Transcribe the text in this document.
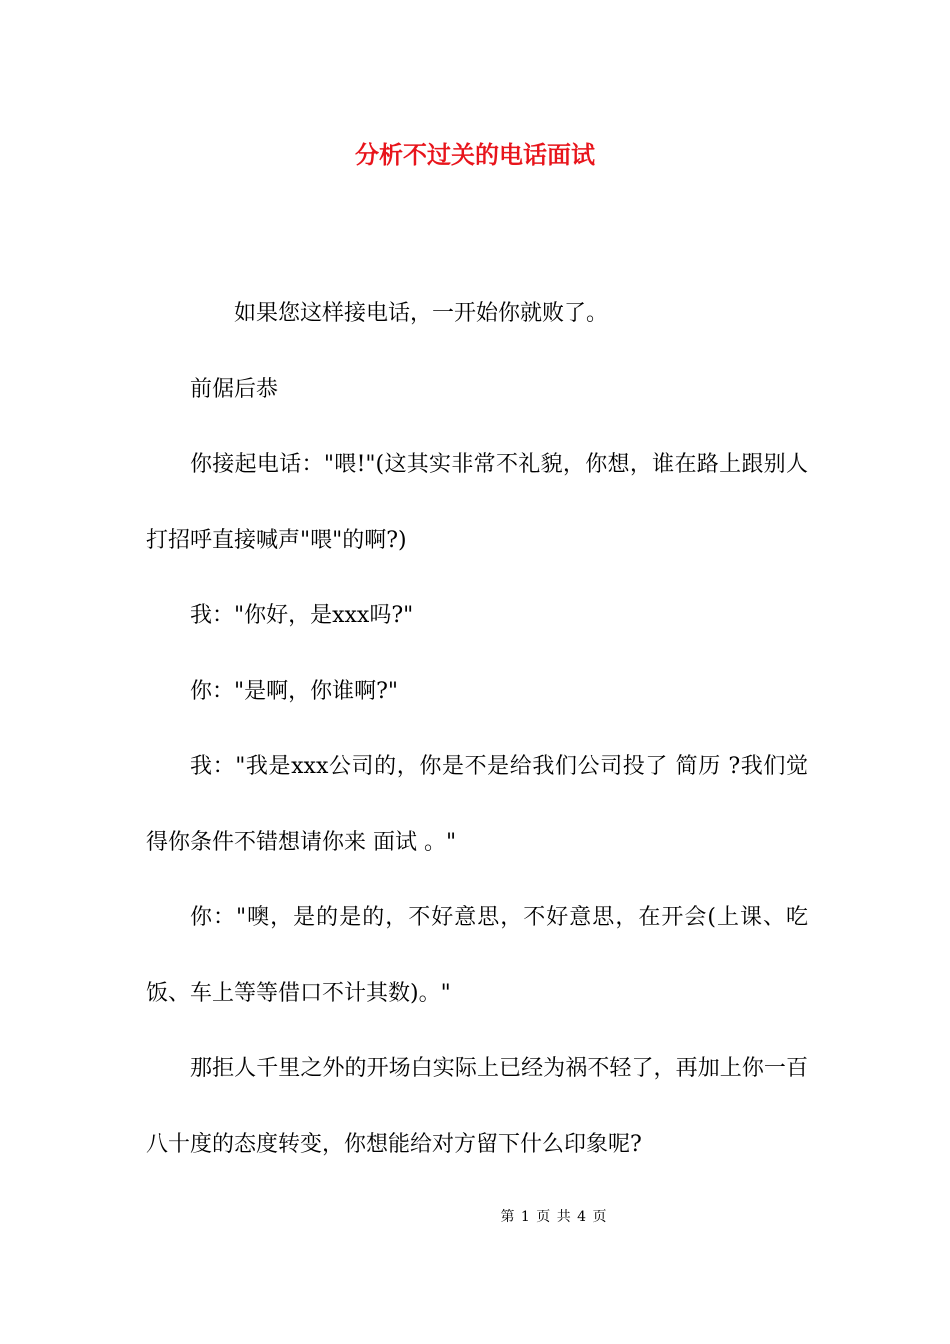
分析不过关的电话面试

如果您这样接电话，一开始你就败了。

前倨后恭

你接起电话："喂!"(这其实非常不礼貌，你想，谁在路上跟别人打招呼直接喊声"喂"的啊?)

我："你好，是xxx吗?"

你："是啊，你谁啊?"

我："我是xxx公司的，你是不是给我们公司投了 简历 ?我们觉得你条件不错想请你来 面试 。"

你："噢，是的是的，不好意思，不好意思，在开会(上课、吃饭、车上等等借口不计其数)。"

那拒人千里之外的开场白实际上已经为祸不轻了，再加上你一百八十度的态度转变，你想能给对方留下什么印象呢?

第 1 页 共 4 页
